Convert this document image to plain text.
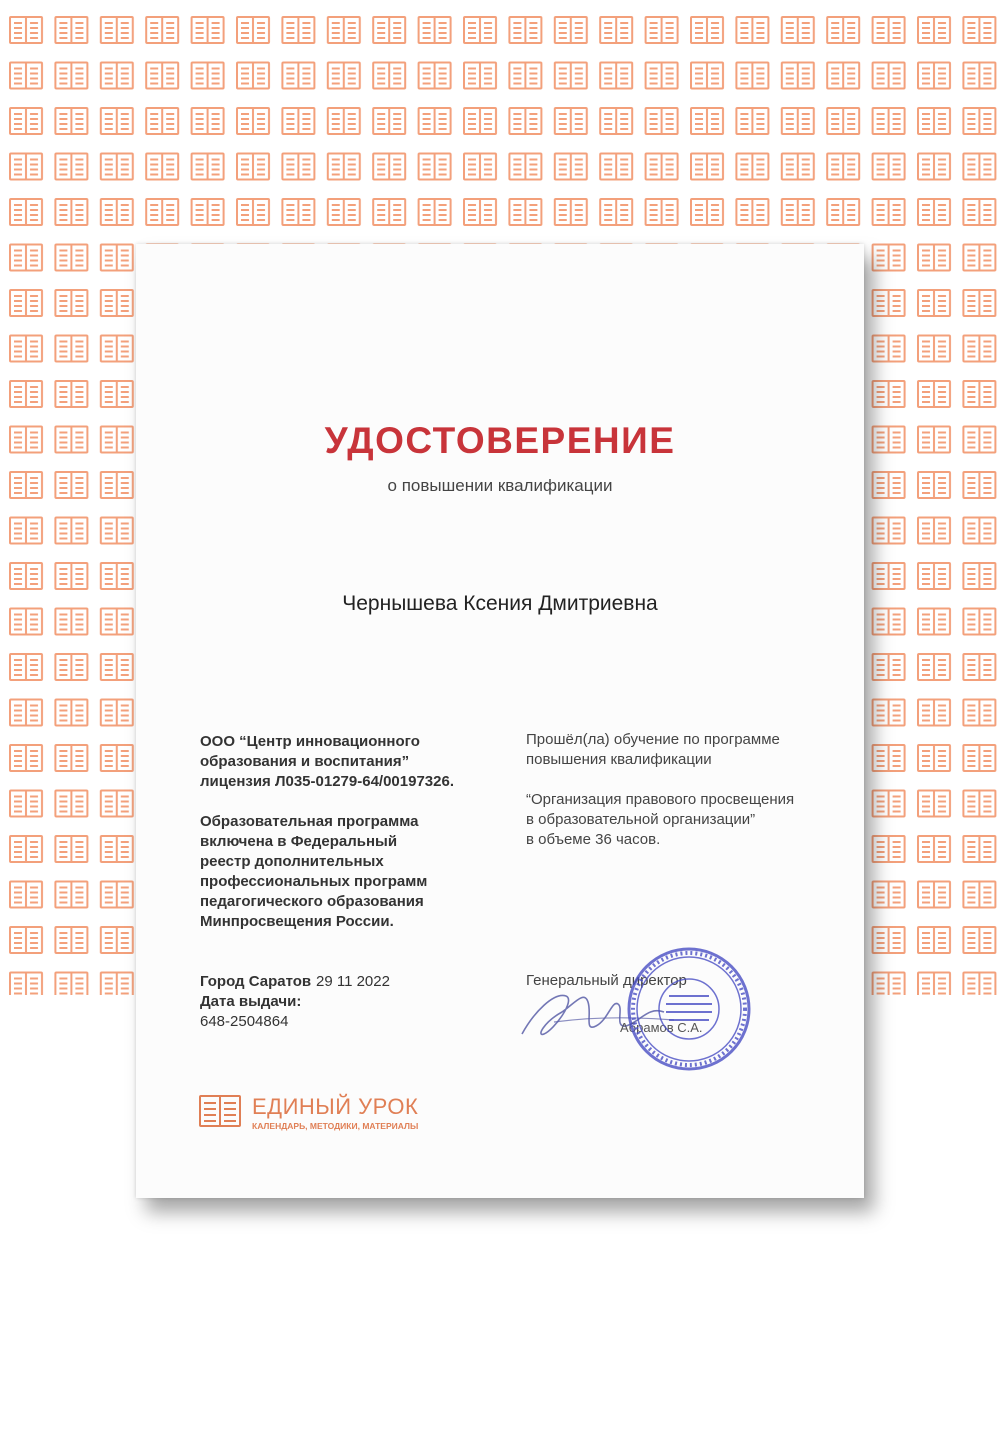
УДОСТОВЕРЕНИЕ
о повышении квалификации
Чернышева Ксения Дмитриевна
ООО “Центр инновационного
образования и воспитания”
лицензия Л035-01279-64/00197326.
Образовательная программа
включена в Федеральный
реестр дополнительных
профессиональных программ
педагогического образования
Минпросвещения России.
Прошёл(ла) обучение по программе
повышения квалификации
“Организация правового просвещения
в образовательной организации”
в объеме 36 часов.
Город Саратов 29 11 2022
Дата выдачи:
648-2504864
Генеральный директор
Абрамов С.А.
ЕДИНЫЙ УРОК
КАЛЕНДАРЬ, МЕТОДИКИ, МАТЕРИАЛЫ
